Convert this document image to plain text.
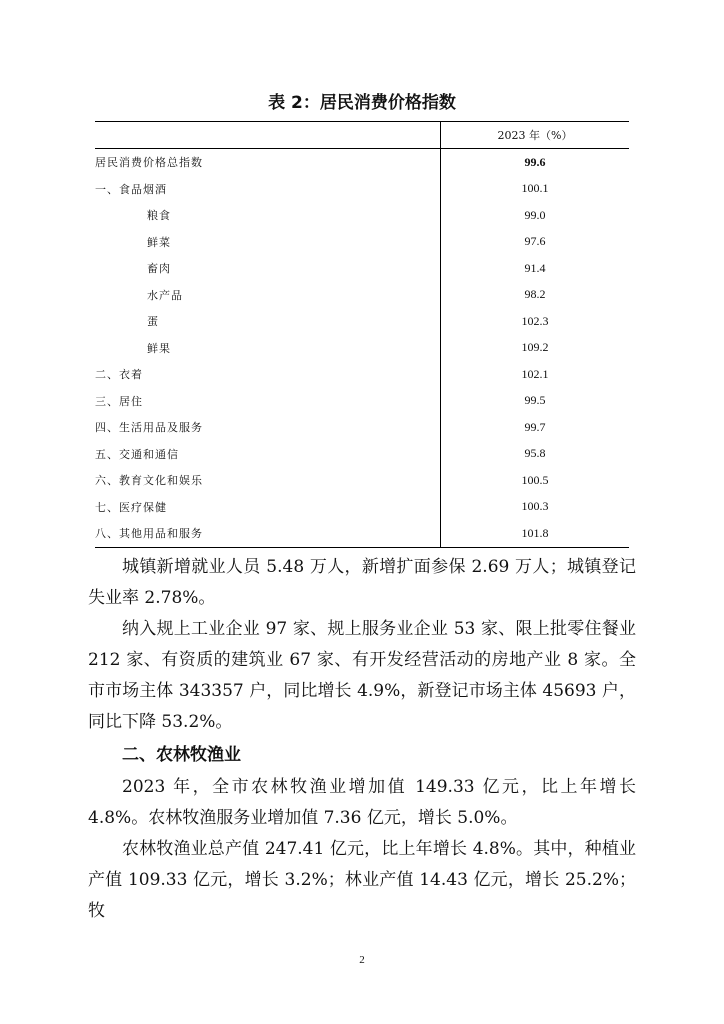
表 2：居民消费价格指数
	2023 年（%）
居民消费价格总指数	99.6
一、食品烟酒	100.1
粮食	99.0
鲜菜	97.6
畜肉	91.4
水产品	98.2
蛋	102.3
鲜果	109.2
二、衣着	102.1
三、居住	99.5
四、生活用品及服务	99.7
五、交通和通信	95.8
六、教育文化和娱乐	100.5
七、医疗保健	100.3
八、其他用品和服务	101.8

城镇新增就业人员 5.48 万人，新增扩面参保 2.69 万人；城镇登记失业率 2.78%。

纳入规上工业企业 97 家、规上服务业企业 53 家、限上批零住餐业 212 家、有资质的建筑业 67 家、有开发经营活动的房地产业 8 家。全市市场主体 343357 户，同比增长 4.9%，新登记市场主体 45693 户，同比下降 53.2%。

二、农林牧渔业

2023 年，全市农林牧渔业增加值 149.33 亿元，比上年增长 4.8%。农林牧渔服务业增加值 7.36 亿元，增长 5.0%。

农林牧渔业总产值 247.41 亿元，比上年增长 4.8%。其中，种植业产值 109.33 亿元，增长 3.2%；林业产值 14.43 亿元，增长 25.2%；牧

2
